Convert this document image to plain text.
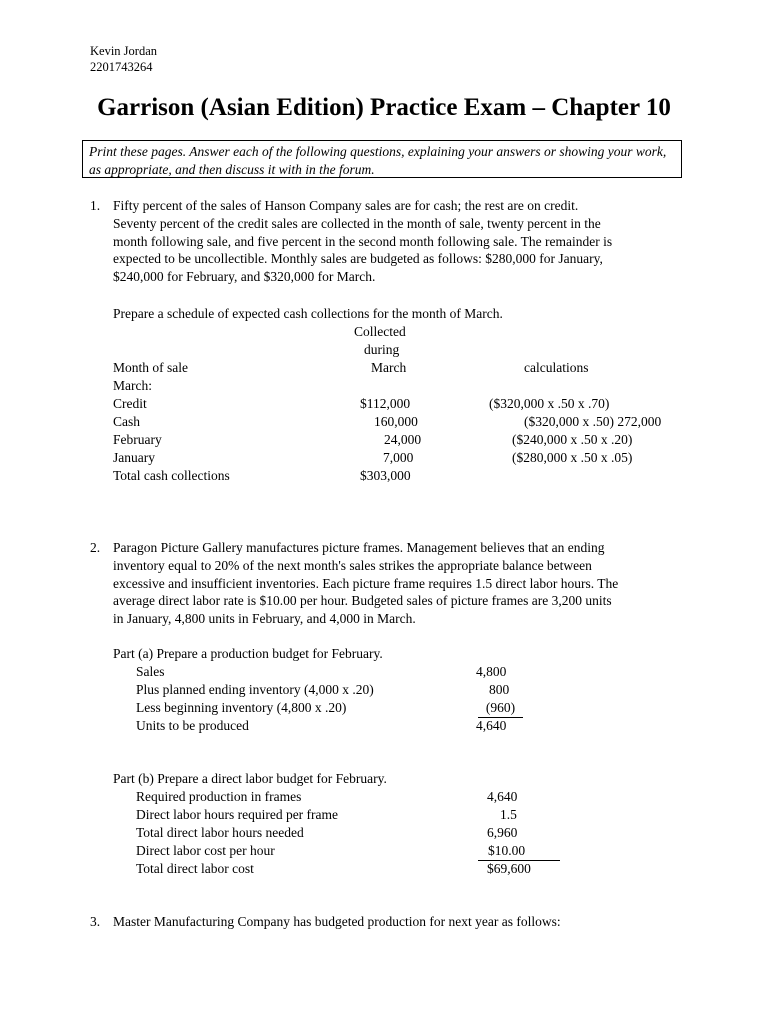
Kevin Jordan
2201743264
Garrison (Asian Edition) Practice Exam – Chapter 10
Print these pages. Answer each of the following questions, explaining your answers or showing your work, as appropriate, and then discuss it with in the forum.
1. Fifty percent of the sales of Hanson Company sales are for cash; the rest are on credit.
Seventy percent of the credit sales are collected in the month of sale, twenty percent in the
month following sale, and five percent in the second month following sale. The remainder is
expected to be uncollectible. Monthly sales are budgeted as follows: $280,000 for January,
$240,000 for February, and $320,000 for March.
Prepare a schedule of expected cash collections for the month of March.
Collected
during
Month of sale	March	calculations
March:
Credit	$112,000	($320,000 x .50 x .70)
Cash	160,000	($320,000 x .50) 272,000
February	24,000	($240,000 x .50 x .20)
January	7,000	($280,000 x .50 x .05)
Total cash collections	$303,000
2. Paragon Picture Gallery manufactures picture frames. Management believes that an ending
inventory equal to 20% of the next month's sales strikes the appropriate balance between
excessive and insufficient inventories. Each picture frame requires 1.5 direct labor hours. The
average direct labor rate is $10.00 per hour. Budgeted sales of picture frames are 3,200 units
in January, 4,800 units in February, and 4,000 in March.
Part (a) Prepare a production budget for February.
Sales	4,800
Plus planned ending inventory (4,000 x .20)	800
Less beginning inventory (4,800 x .20)	(960)
Units to be produced	4,640
Part (b) Prepare a direct labor budget for February.
Required production in frames	4,640
Direct labor hours required per frame	1.5
Total direct labor hours needed	6,960
Direct labor cost per hour	$10.00
Total direct labor cost	$69,600
3. Master Manufacturing Company has budgeted production for next year as follows:
